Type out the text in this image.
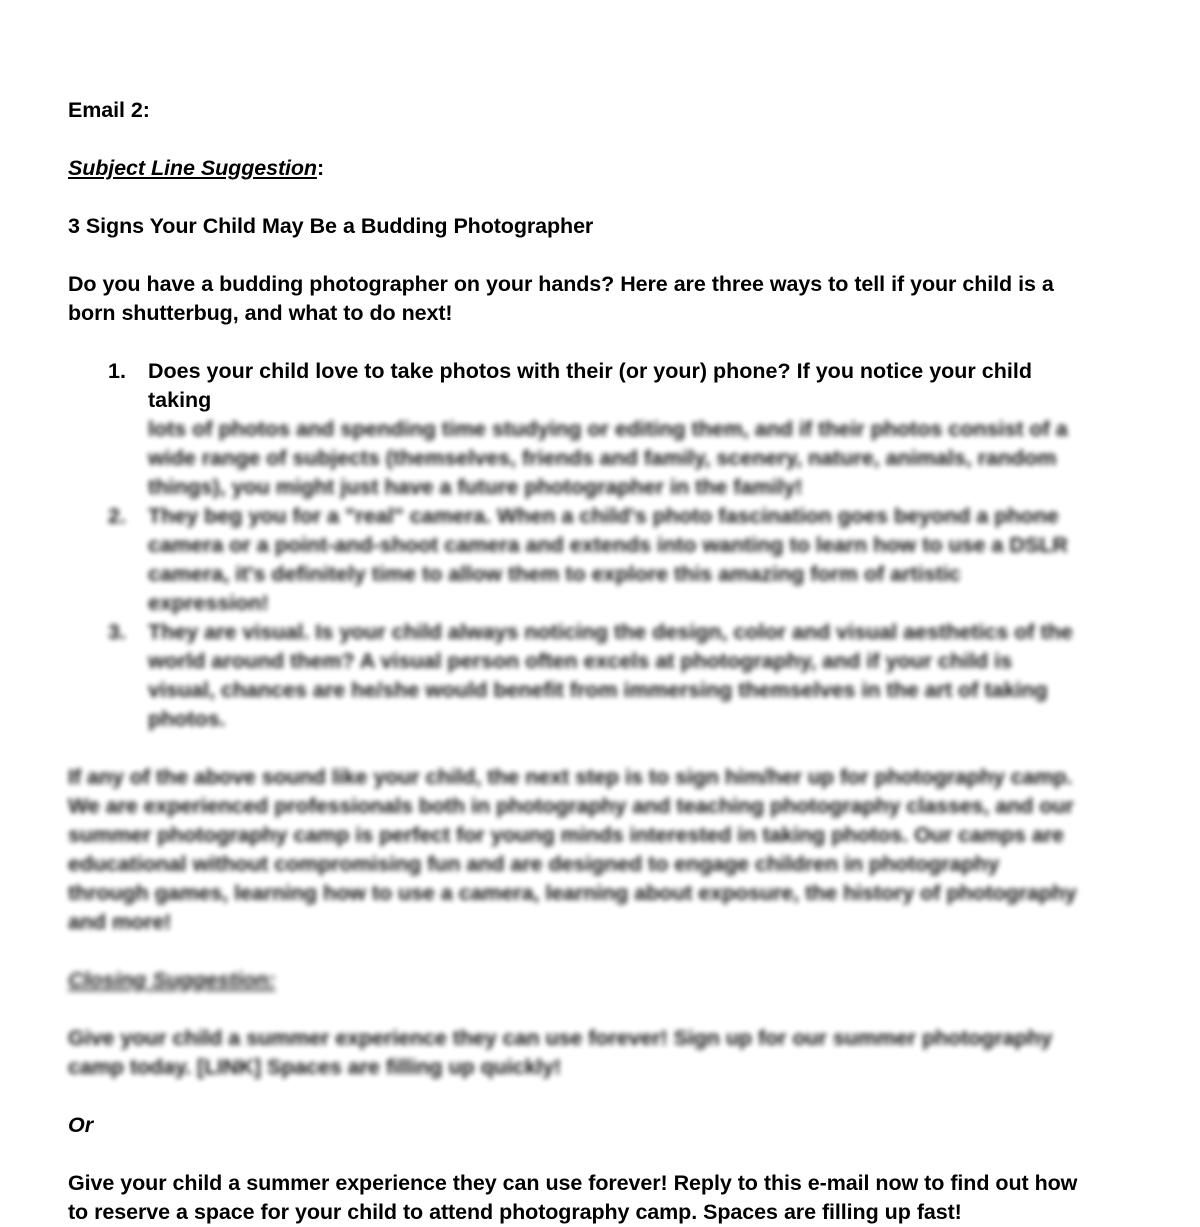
Email 2:
Subject Line Suggestion:
3 Signs Your Child May Be a Budding Photographer
Do you have a budding photographer on your hands? Here are three ways to tell if your child is a born shutterbug, and what to do next!
1.	Does your child love to take photos with their (or your) phone? If you notice your child taking
lots of photos and spending time studying or editing them, and if their photos consist of a wide range of subjects (themselves, friends and family, scenery, nature, animals, random things), you might just have a future photographer in the family!
2.	They beg you for a "real" camera. When a child's photo fascination goes beyond a phone camera or a point-and-shoot camera and extends into wanting to learn how to use a DSLR camera, it's definitely time to allow them to explore this amazing form of artistic expression!
3.	They are visual. Is your child always noticing the design, color and visual aesthetics of the world around them? A visual person often excels at photography, and if your child is visual, chances are he/she would benefit from immersing themselves in the art of taking photos.
If any of the above sound like your child, the next step is to sign him/her up for photography camp. We are experienced professionals both in photography and teaching photography classes, and our summer photography camp is perfect for young minds interested in taking photos. Our camps are educational without compromising fun and are designed to engage children in photography through games, learning how to use a camera, learning about exposure, the history of photography and more!
Closing Suggestion:
Give your child a summer experience they can use forever! Sign up for our summer photography camp today. [LINK] Spaces are filling up quickly!
Or
Give your child a summer experience they can use forever! Reply to this e-mail now to find out how to reserve a space for your child to attend photography camp. Spaces are filling up fast!
